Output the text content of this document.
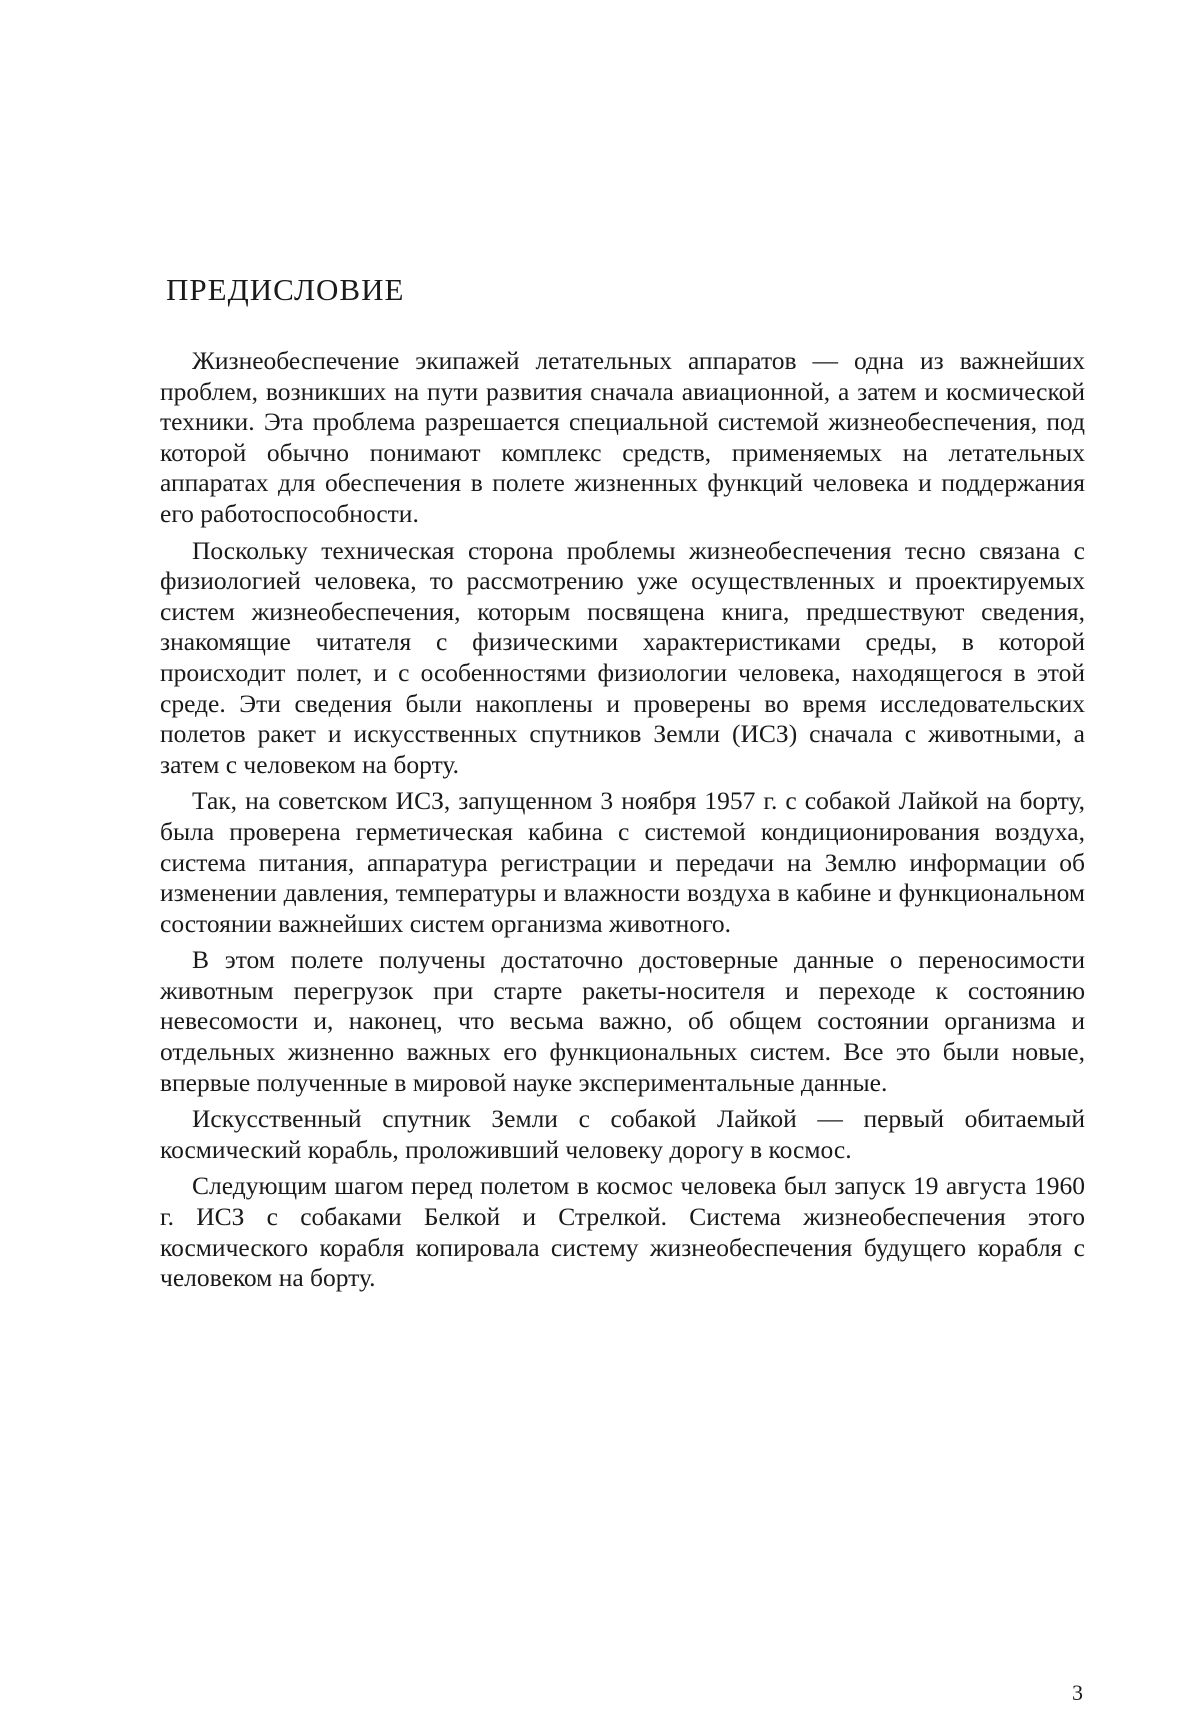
ПРЕДИСЛОВИЕ

Жизнеобеспечение экипажей летательных аппаратов — одна из важнейших проблем, возникших на пути развития сначала авиационной, а затем и космической техники. Эта проблема разрешается специальной системой жизнеобеспечения, под которой обычно понимают комплекс средств, применяемых на летательных аппаратах для обеспечения в полете жизненных функций человека и поддержания его работоспособности.

Поскольку техническая сторона проблемы жизнеобеспечения тесно связана с физиологией человека, то рассмотрению уже осуществленных и проектируемых систем жизнеобеспечения, которым посвящена книга, предшествуют сведения, знакомящие читателя с физическими характеристиками среды, в которой происходит полет, и с особенностями физиологии человека, находящегося в этой среде. Эти сведения были накоплены и проверены во время исследовательских полетов ракет и искусственных спутников Земли (ИСЗ) сначала с животными, а затем с человеком на борту.

Так, на советском ИСЗ, запущенном 3 ноября 1957 г. с собакой Лайкой на борту, была проверена герметическая кабина с системой кондиционирования воздуха, система питания, аппаратура регистрации и передачи на Землю информации об изменении давления, температуры и влажности воздуха в кабине и функциональном состоянии важнейших систем организма животного.

В этом полете получены достаточно достоверные данные о переносимости животным перегрузок при старте ракеты-носителя и переходе к состоянию невесомости и, наконец, что весьма важно, об общем состоянии организма и отдельных жизненно важных его функциональных систем. Все это были новые, впервые полученные в мировой науке экспериментальные данные.

Искусственный спутник Земли с собакой Лайкой — первый обитаемый космический корабль, проложивший человеку дорогу в космос.

Следующим шагом перед полетом в космос человека был запуск 19 августа 1960 г. ИСЗ с собаками Белкой и Стрелкой. Система жизнеобеспечения этого космического корабля копировала систему жизнеобеспечения будущего корабля с человеком на борту.

3
